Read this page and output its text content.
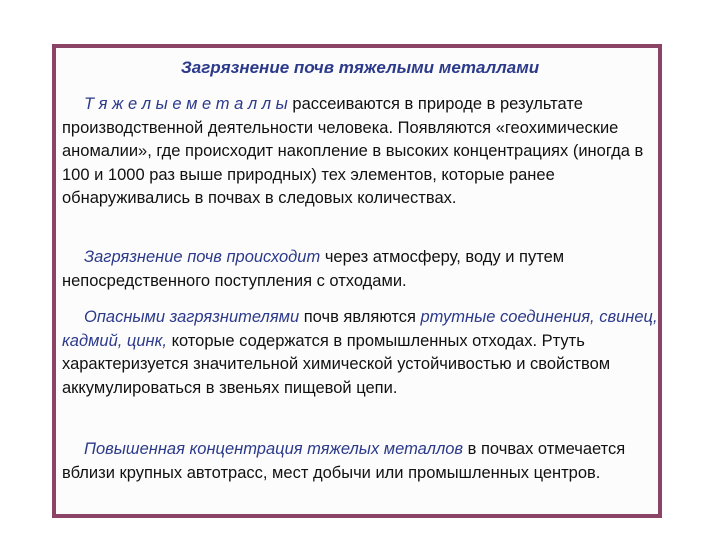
Загрязнение почв тяжелыми металлами

Т я ж е л ы е м е т а л л ы рассеиваются в природе в результате производственной деятельности человека. Появляются «геохимические аномалии», где происходит накопление в высоких концентрациях (иногда в 100 и 1000 раз выше природных) тех элементов, которые ранее обнаруживались в почвах в следовых количествах.

Загрязнение почв происходит через атмосферу, воду и путем непосредственного поступления с отходами.

Опасными загрязнителями почв являются ртутные соединения, свинец, кадмий, цинк, которые содержатся в промышленных отходах. Ртуть характеризуется значительной химической устойчивостью и свойством аккумулироваться в звеньях пищевой цепи.

Повышенная концентрация тяжелых металлов в почвах отмечается вблизи крупных автотрасс, мест добычи или промышленных центров.
